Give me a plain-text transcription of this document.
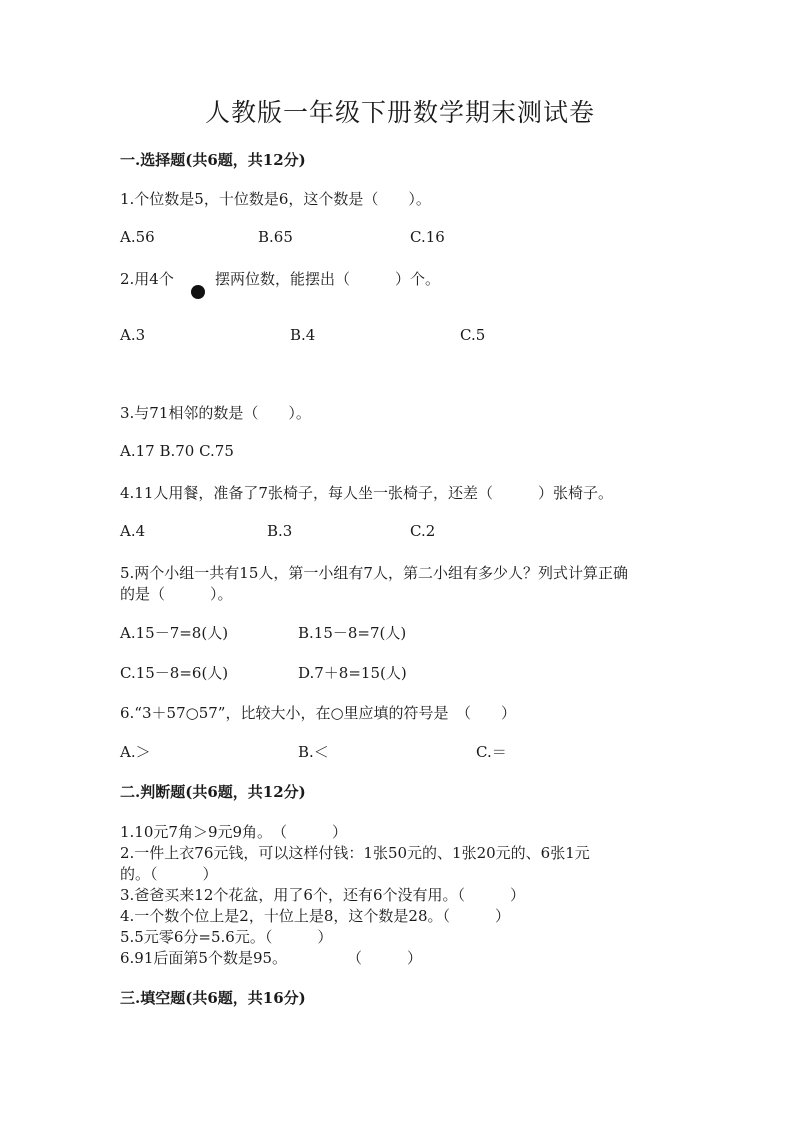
人教版一年级下册数学期末测试卷
一.选择题(共6题，共12分)
1.个位数是5，十位数是6，这个数是（　　）。
A.56	B.65	C.16
2.用4个	摆两位数，能摆出（　　　）个。
A.3	B.4	C.5
3.与71相邻的数是（　　）。
A.17 B.70 C.75
4.11人用餐，准备了7张椅子，每人坐一张椅子，还差（　　　）张椅子。
A.4	B.3	C.2
5.两个小组一共有15人，第一小组有7人，第二小组有多少人？列式计算正确
的是（　　　）。
A.15－7=8(人)	B.15－8=7(人)
C.15－8=6(人)	D.7＋8=15(人)
6.“3＋57○57”，比较大小，在○里应填的符号是　（　　）
A.＞	B.＜	C.＝
二.判断题(共6题，共12分)
1.10元7角＞9元9角。　（　　　）
2.一件上衣76元钱，可以这样付钱：1张50元的、1张20元的、6张1元
的。（　　　）
3.爸爸买来12个花盆，用了6个，还有6个没有用。（　　　）
4.一个数个位上是2，十位上是8，这个数是28。（　　　）
5.5元零6分=5.6元。（　　　）
6.91后面第5个数是95。　　　　　（　　　）
三.填空题(共6题，共16分)
